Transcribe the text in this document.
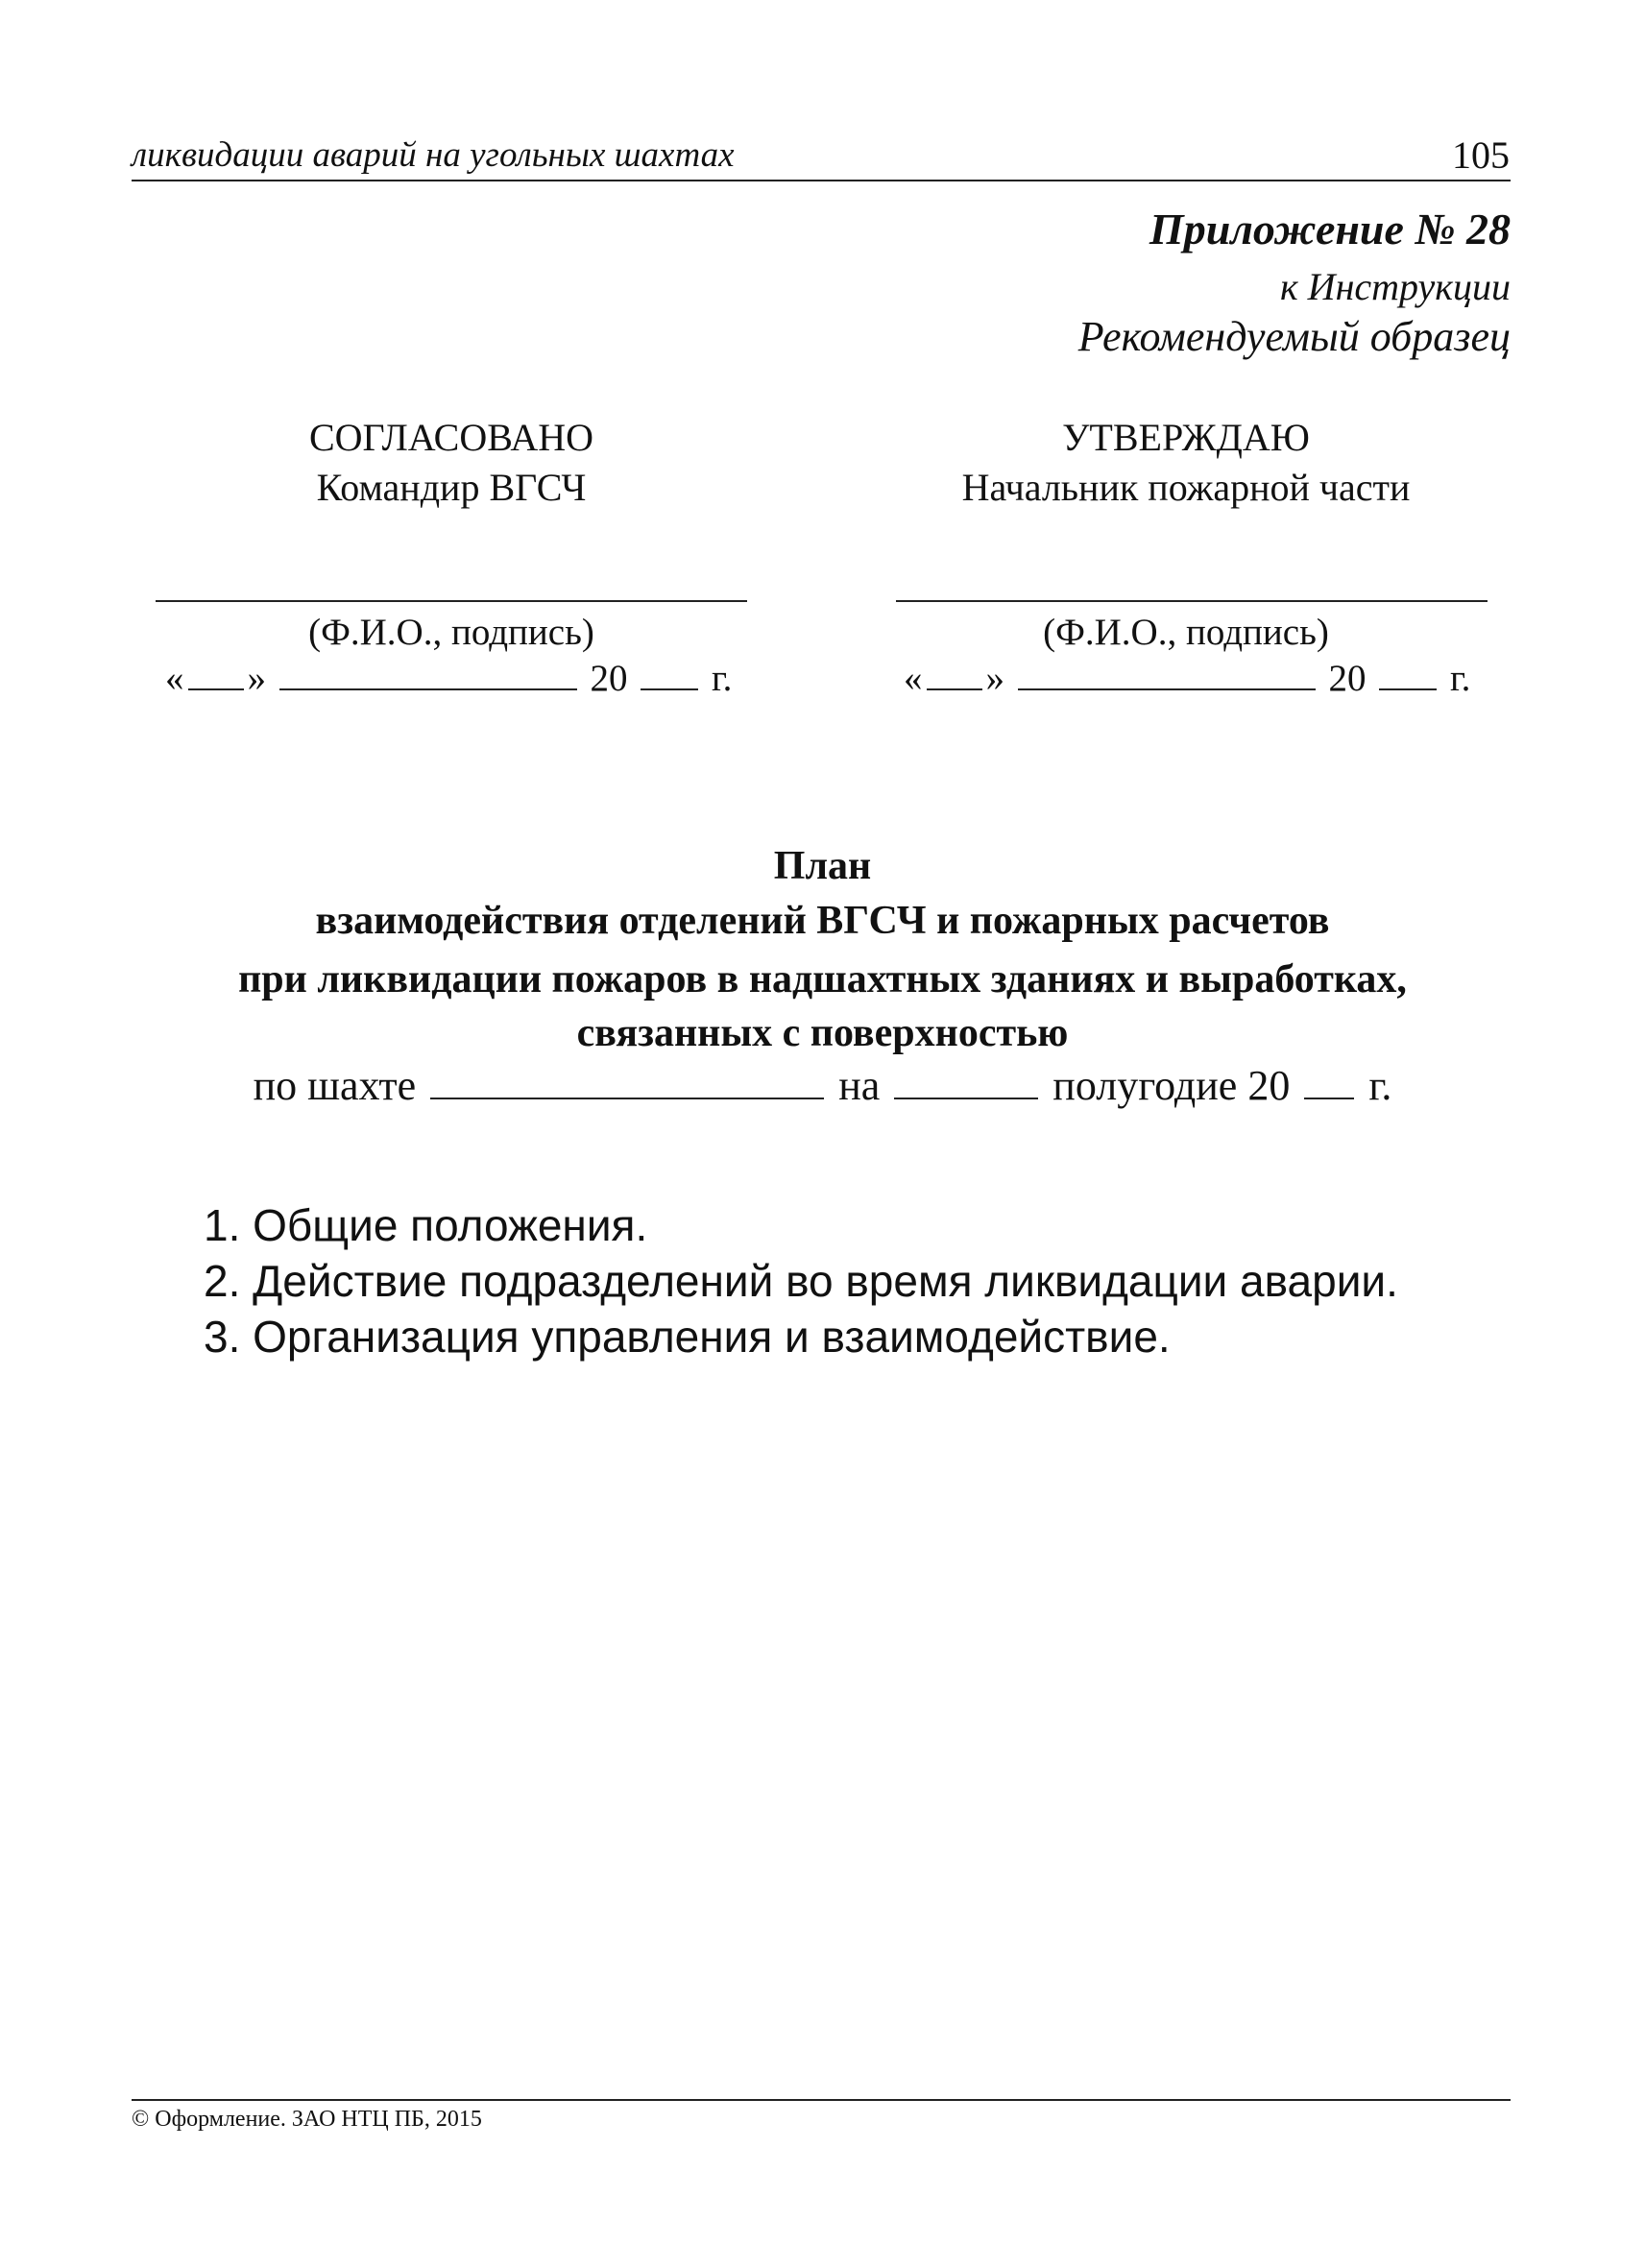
ликвидации аварий на угольных шахтах	105
Приложение № 28
к Инструкции
Рекомендуемый образец
СОГЛАСОВАНО
Командир ВГСЧ
(Ф.И.О., подпись)
« »	20 г.
УТВЕРЖДАЮ
Начальник пожарной части
(Ф.И.О., подпись)
« »	20 г.
План
взаимодействия отделений ВГСЧ и пожарных расчетов
при ликвидации пожаров в надшахтных зданиях и выработках,
связанных с поверхностью
по шахте	на	полугодие 20 г.
1. Общие положения.
2. Действие подразделений во время ликвидации аварии.
3. Организация управления и взаимодействие.
© Оформление. ЗАО НТЦ ПБ, 2015
